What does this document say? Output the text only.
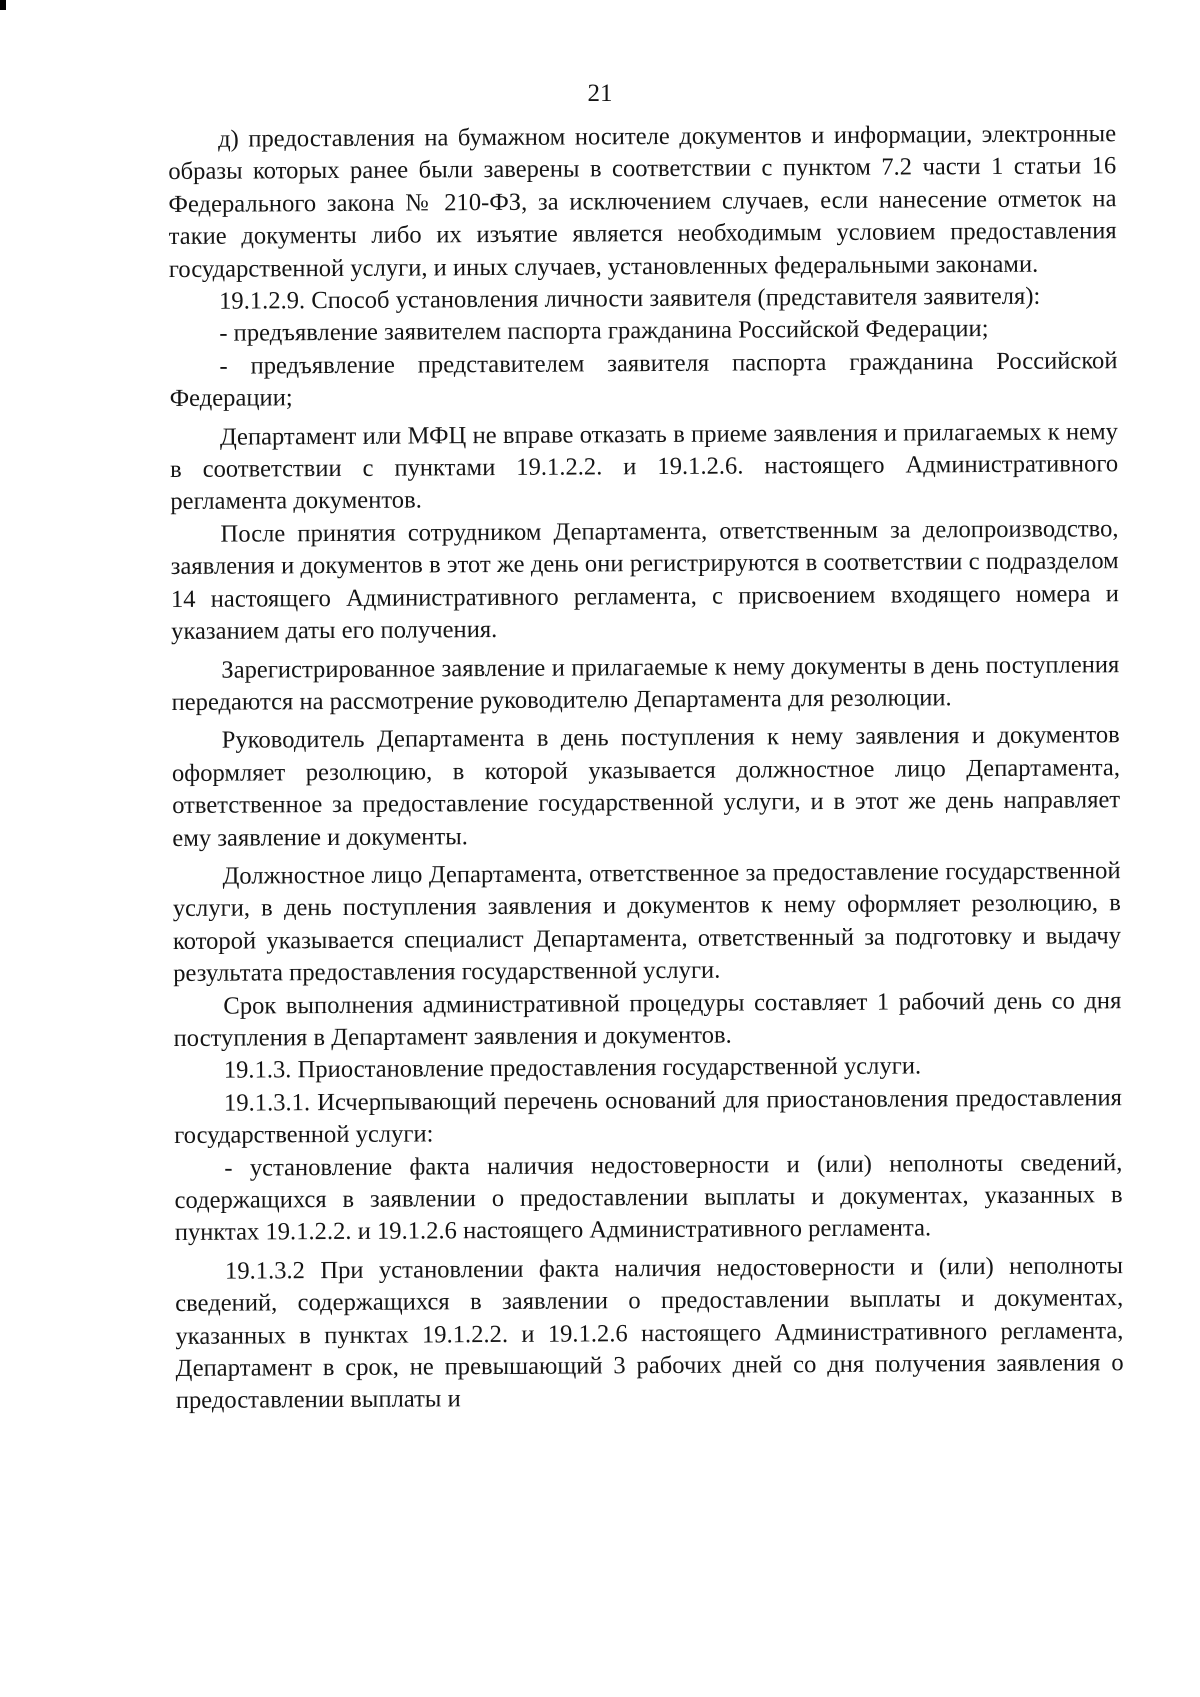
21

д) предоставления на бумажном носителе документов и информации, электронные образы которых ранее были заверены в соответствии с пунктом 7.2 части 1 статьи 16 Федерального закона № 210-ФЗ, за исключением случаев, если нанесение отметок на такие документы либо их изъятие является необходимым условием предоставления государственной услуги, и иных случаев, установленных федеральными законами.

19.1.2.9. Способ установления личности заявителя (представителя заявителя):

- предъявление заявителем паспорта гражданина Российской Федерации;

- предъявление представителем заявителя паспорта гражданина Российской Федерации;

Департамент или МФЦ не вправе отказать в приеме заявления и прилагаемых к нему в соответствии с пунктами 19.1.2.2. и 19.1.2.6. настоящего Административного регламента документов.

После принятия сотрудником Департамента, ответственным за делопроизводство, заявления и документов в этот же день они регистрируются в соответствии с подразделом 14 настоящего Административного регламента, с присвоением входящего номера и указанием даты его получения.

Зарегистрированное заявление и прилагаемые к нему документы в день поступления передаются на рассмотрение руководителю Департамента для резолюции.

Руководитель Департамента в день поступления к нему заявления и документов оформляет резолюцию, в которой указывается должностное лицо Департамента, ответственное за предоставление государственной услуги, и в этот же день направляет ему заявление и документы.

Должностное лицо Департамента, ответственное за предоставление государственной услуги, в день поступления заявления и документов к нему оформляет резолюцию, в которой указывается специалист Департамента, ответственный за подготовку и выдачу результата предоставления государственной услуги.

Срок выполнения административной процедуры составляет 1 рабочий день со дня поступления в Департамент заявления и документов.

19.1.3. Приостановление предоставления государственной услуги.

19.1.3.1. Исчерпывающий перечень оснований для приостановления предоставления государственной услуги:

- установление факта наличия недостоверности и (или) неполноты сведений, содержащихся в заявлении о предоставлении выплаты и документах, указанных в пунктах 19.1.2.2. и 19.1.2.6 настоящего Административного регламента.

19.1.3.2 При установлении факта наличия недостоверности и (или) неполноты сведений, содержащихся в заявлении о предоставлении выплаты и документах, указанных в пунктах 19.1.2.2. и 19.1.2.6 настоящего Административного регламента, Департамент в срок, не превышающий 3 рабочих дней со дня получения заявления о предоставлении выплаты и
